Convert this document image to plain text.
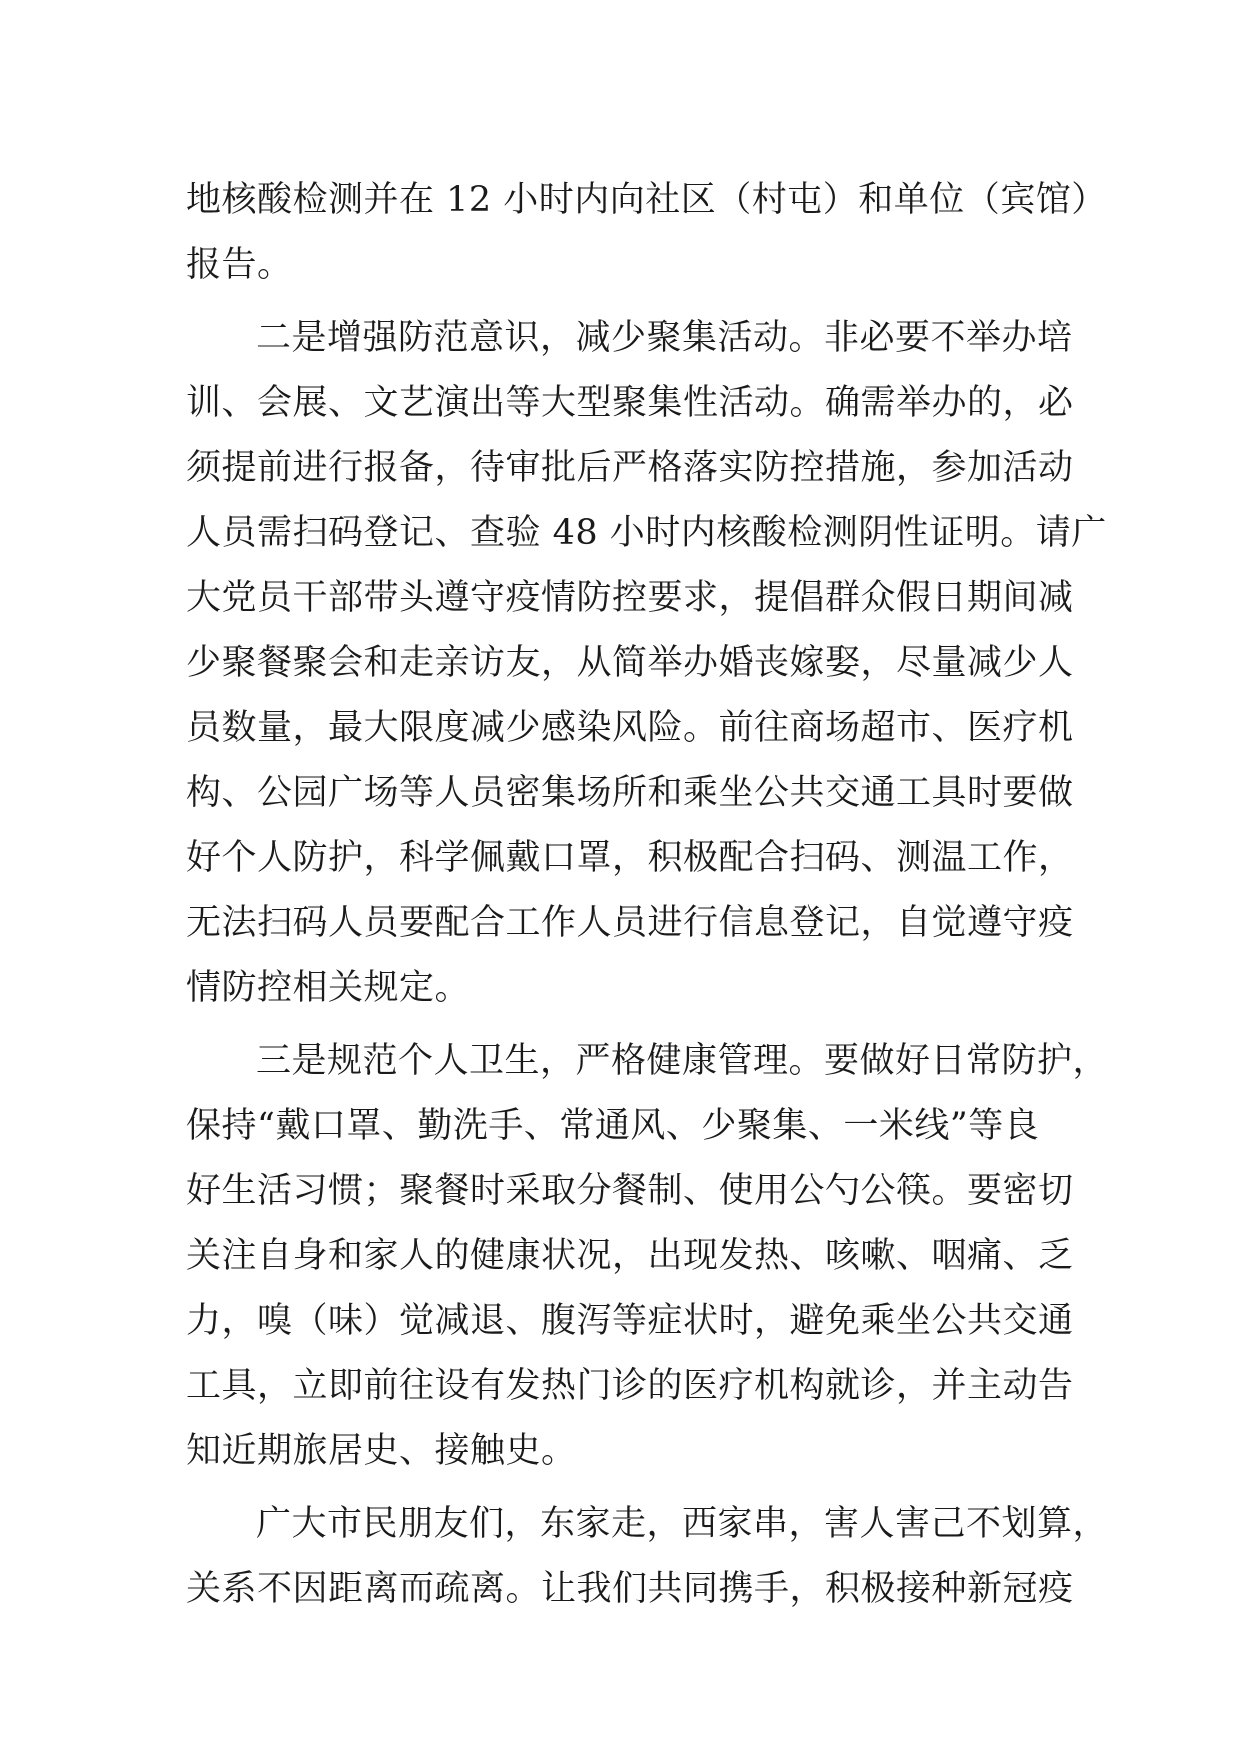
地核酸检测并在 12 小时内向社区（村屯）和单位（宾馆）
报告。
二是增强防范意识，减少聚集活动。非必要不举办培
训、会展、文艺演出等大型聚集性活动。确需举办的，必
须提前进行报备，待审批后严格落实防控措施，参加活动
人员需扫码登记、查验 48 小时内核酸检测阴性证明。请广
大党员干部带头遵守疫情防控要求，提倡群众假日期间减
少聚餐聚会和走亲访友，从简举办婚丧嫁娶，尽量减少人
员数量，最大限度减少感染风险。前往商场超市、医疗机
构、公园广场等人员密集场所和乘坐公共交通工具时要做
好个人防护，科学佩戴口罩，积极配合扫码、测温工作，
无法扫码人员要配合工作人员进行信息登记，自觉遵守疫
情防控相关规定。
三是规范个人卫生，严格健康管理。要做好日常防护，
保持“戴口罩、勤洗手、常通风、少聚集、一米线”等良
好生活习惯；聚餐时采取分餐制、使用公勺公筷。要密切
关注自身和家人的健康状况，出现发热、咳嗽、咽痛、乏
力，嗅（味）觉减退、腹泻等症状时，避免乘坐公共交通
工具，立即前往设有发热门诊的医疗机构就诊，并主动告
知近期旅居史、接触史。
广大市民朋友们，东家走，西家串，害人害己不划算，
关系不因距离而疏离。让我们共同携手，积极接种新冠疫
